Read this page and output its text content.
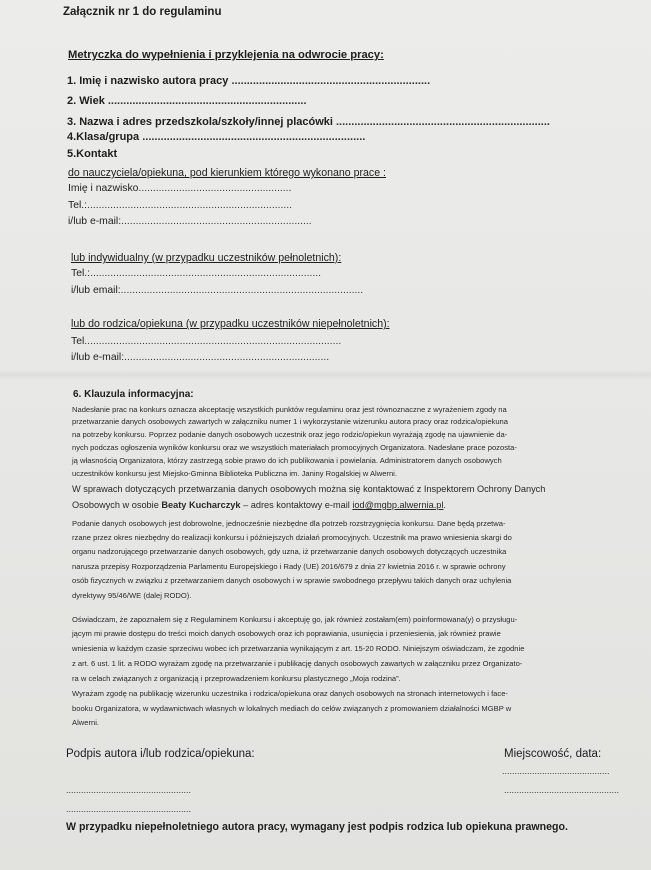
Załącznik nr 1 do regulaminu
Metryczka do wypełnienia i przyklejenia na odwrocie pracy:
1. Imię i nazwisko autora pracy .................................................................
2. Wiek .................................................................
3. Nazwa i adres przedszkola/szkoły/innej placówki ......................................................................
4.Klasa/grupa .........................................................................
5.Kontakt
do nauczyciela/opiekuna, pod kierunkiem którego wykonano prace :
Imię i nazwisko.....................................................
Tel.:.......................................................................
i/lub e-mail:..................................................................
lub indywidualny (w przypadku uczestników pełnoletnich):
Tel.:................................................................................
i/lub email:....................................................................................
lub do rodzica/opiekuna (w przypadku uczestników niepełnoletnich):
Tel.........................................................................................
i/lub e-mail:.......................................................................
6. Klauzula informacyjna:

Nadesłanie prac na konkurs oznacza akceptację wszystkich punktów regulaminu oraz jest równoznaczne z wyrażeniem zgody na

przetwarzanie danych osobowych zawartych w załączniku numer 1 i wykorzystanie wizerunku autora pracy oraz rodzica/opiekuna

na potrzeby konkursu. Poprzez podanie danych osobowych uczestnik oraz jego rodzic/opiekun wyrażają zgodę na ujawnienie da-

nych podczas ogłoszenia wyników konkursu oraz we wszystkich materiałach promocyjnych Organizatora. Nadesłane prace pozosta-

ją własnością Organizatora, którzy zastrzegą sobie prawo do ich publikowania i powielania. Administratorem danych osobowych

uczestników konkursu jest Miejsko-Gminna Biblioteka Publiczna im. Janiny Rogalskiej w Alwerni.

W sprawach dotyczących przetwarzania danych osobowych można się kontaktować z Inspektorem Ochrony Danych

Osobowych w osobie Beaty Kucharczyk – adres kontaktowy e-mail iod@mgbp.alwernia.pl.

Podanie danych osobowych jest dobrowolne, jednocześnie niezbędne dla potrzeb rozstrzygnięcia konkursu. Dane będą przetwa-

rzane przez okres niezbędny do realizacji konkursu i późniejszych działań promocyjnych. Uczestnik ma prawo wniesienia skargi do

organu nadzorującego przetwarzanie danych osobowych, gdy uzna, iż przetwarzanie danych osobowych dotyczących uczestnika

narusza przepisy Rozporządzenia Parlamentu Europejskiego i Rady (UE) 2016/679 z dnia 27 kwietnia 2016 r. w sprawie ochrony

osób fizycznych w związku z przetwarzaniem danych osobowych i w sprawie swobodnego przepływu takich danych oraz uchylenia

dyrektywy 95/46/WE (dalej RODO).

Oświadczam, że zapoznałem się z Regulaminem Konkursu i akceptuję go, jak również zostałam(em) poinformowana(y) o przysługu-

jącym mi prawie dostępu do treści moich danych osobowych oraz ich poprawiania, usunięcia i przeniesienia, jak również prawie

wniesienia w każdym czasie sprzeciwu wobec ich przetwarzania wynikającym z art. 15-20 RODO. Niniejszym oświadczam, że zgodnie

z art. 6 ust. 1 lit. a RODO wyrażam zgodę na przetwarzanie i publikację danych osobowych zawartych w załączniku przez Organizato-

ra w celach związanych z organizacją i przeprowadzeniem konkursu plastycznego „Moja rodzina”.

Wyrażam zgodę na publikację wizerunku uczestnika i rodzica/opiekuna oraz danych osobowych na stronach internetowych i face-

booku Organizatora, w wydawnictwach własnych w lokalnych mediach do celów związanych z promowaniem działalności MGBP w

Alwerni.

Podpis autora i/lub rodzica/opiekuna:	Miejscowość, data:
...........................................
..................................................	..............................................
..................................................
W przypadku niepełnoletniego autora pracy, wymagany jest podpis rodzica lub opiekuna prawnego.
